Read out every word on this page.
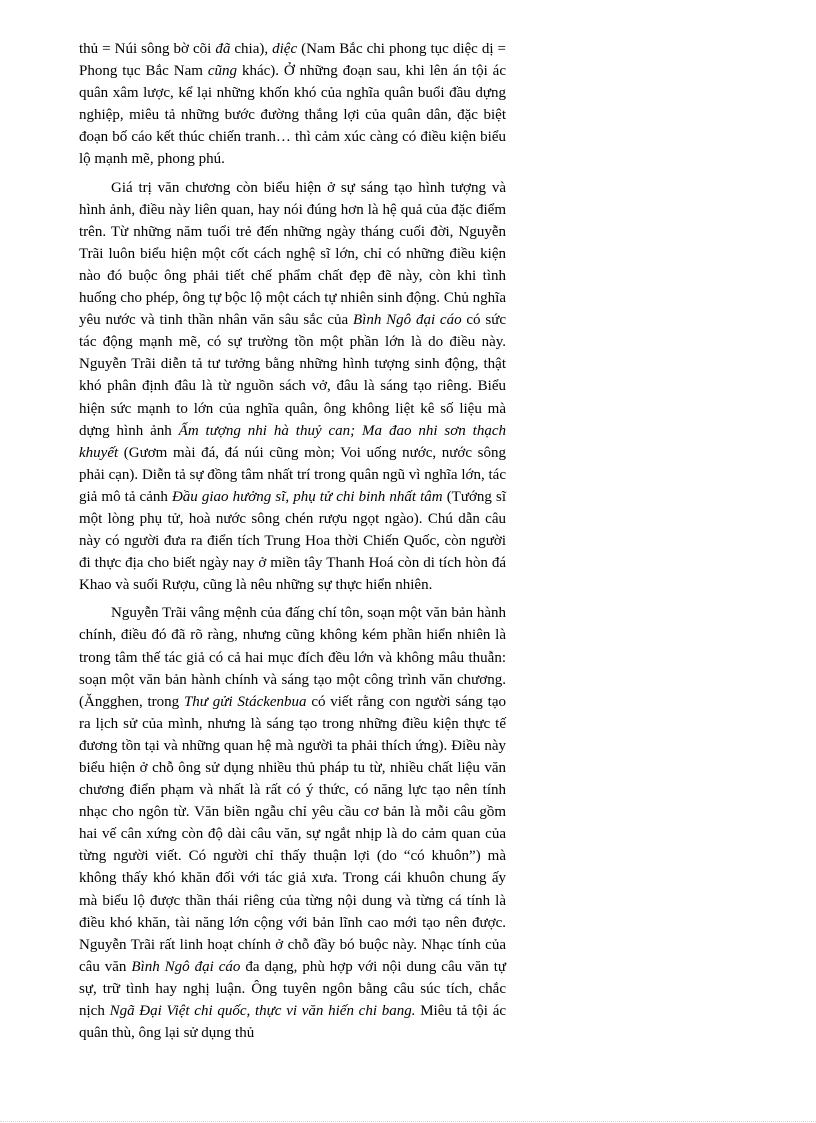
thủ = Núi sông bờ cõi đã chia), diệc (Nam Bắc chi phong tục diệc dị = Phong tục Bắc Nam cũng khác). Ở những đoạn sau, khi lên án tội ác quân xâm lược, kể lại những khốn khó của nghĩa quân buổi đầu dựng nghiệp, miêu tả những bước đường thắng lợi của quân dân, đặc biệt đoạn bố cáo kết thúc chiến tranh… thì cảm xúc càng có điều kiện biểu lộ mạnh mẽ, phong phú.

Giá trị văn chương còn biểu hiện ở sự sáng tạo hình tượng và hình ảnh, điều này liên quan, hay nói đúng hơn là hệ quả của đặc điểm trên. Từ những năm tuổi trẻ đến những ngày tháng cuối đời, Nguyễn Trãi luôn biểu hiện một cốt cách nghệ sĩ lớn, chỉ có những điều kiện nào đó buộc ông phải tiết chế phẩm chất đẹp đẽ này, còn khi tình huống cho phép, ông tự bộc lộ một cách tự nhiên sinh động. Chủ nghĩa yêu nước và tinh thần nhân văn sâu sắc của Bình Ngô đại cáo có sức tác động mạnh mẽ, có sự trường tồn một phần lớn là do điều này. Nguyễn Trãi diễn tả tư tưởng bằng những hình tượng sinh động, thật khó phân định đâu là từ nguồn sách vở, đâu là sáng tạo riêng. Biểu hiện sức mạnh to lớn của nghĩa quân, ông không liệt kê số liệu mà dựng hình ảnh Ẩm tượng nhi hà thuỷ can; Ma đao nhi sơn thạch khuyết (Gươm mài đá, đá núi cũng mòn; Voi uống nước, nước sông phải cạn). Diễn tả sự đồng tâm nhất trí trong quân ngũ vì nghĩa lớn, tác giả mô tả cảnh Đầu giao hưởng sĩ, phụ tử chi binh nhất tâm (Tướng sĩ một lòng phụ tử, hoà nước sông chén rượu ngọt ngào). Chú dẫn câu này có người đưa ra điển tích Trung Hoa thời Chiến Quốc, còn người đi thực địa cho biết ngày nay ở miền tây Thanh Hoá còn di tích hòn đá Khao và suối Rượu, cũng là nêu những sự thực hiển nhiên.

Nguyễn Trãi vâng mệnh của đấng chí tôn, soạn một văn bản hành chính, điều đó đã rõ ràng, nhưng cũng không kém phần hiển nhiên là trong tâm thế tác giả có cả hai mục đích đều lớn và không mâu thuẫn: soạn một văn bản hành chính và sáng tạo một công trình văn chương. (Ăngghen, trong Thư gửi Stáckenbua có viết rằng con người sáng tạo ra lịch sử của mình, nhưng là sáng tạo trong những điều kiện thực tế đương tồn tại và những quan hệ mà người ta phải thích ứng). Điều này biểu hiện ở chỗ ông sử dụng nhiều thủ pháp tu từ, nhiều chất liệu văn chương điển phạm và nhất là rất có ý thức, có năng lực tạo nên tính nhạc cho ngôn từ. Văn biền ngẫu chỉ yêu cầu cơ bản là mỗi câu gồm hai vế cân xứng còn độ dài câu văn, sự ngắt nhịp là do cảm quan của từng người viết. Có người chỉ thấy thuận lợi (do “có khuôn”) mà không thấy khó khăn đối với tác giả xưa. Trong cái khuôn chung ấy mà biểu lộ được thần thái riêng của từng nội dung và từng cá tính là điều khó khăn, tài năng lớn cộng với bản lĩnh cao mới tạo nên được. Nguyễn Trãi rất linh hoạt chính ở chỗ đầy bó buộc này. Nhạc tính của câu văn Bình Ngô đại cáo đa dạng, phù hợp với nội dung câu văn tự sự, trữ tình hay nghị luận. Ông tuyên ngôn bằng câu súc tích, chắc nịch Ngã Đại Việt chi quốc, thực vi văn hiến chi bang. Miêu tả tội ác quân thù, ông lại sử dụng thủ
